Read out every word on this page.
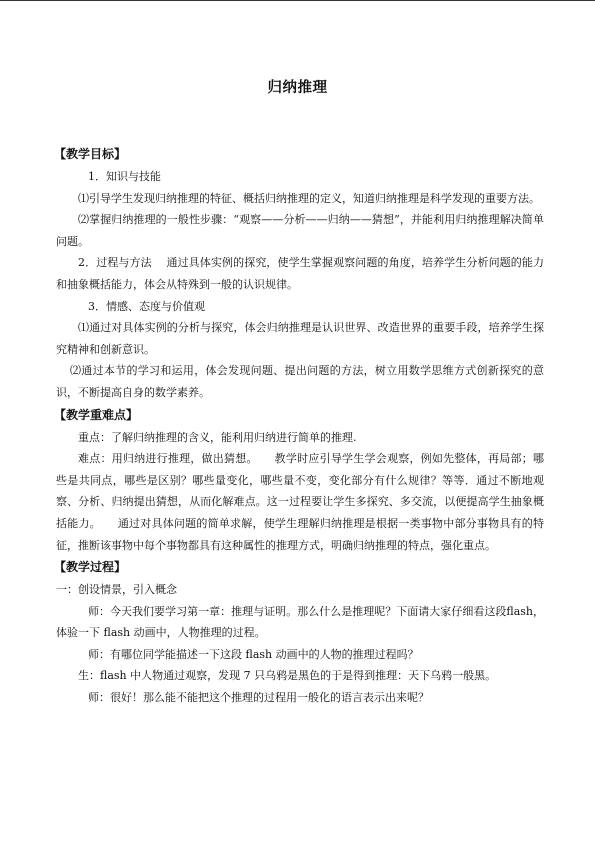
归纳推理

【教学目标】

1．知识与技能

⑴引导学生发现归纳推理的特征、概括归纳推理的定义，知道归纳推理是科学发现的重要方法。

⑵掌握归纳推理的一般性步骤：“观察——分析——归纳——猜想”，并能利用归纳推理解决简单问题。

2．过程与方法　 通过具体实例的探究，使学生掌握观察问题的角度，培养学生分析问题的能力和抽象概括能力，体会从特殊到一般的认识规律。

3．情感、态度与价值观

⑴通过对具体实例的分析与探究，体会归纳推理是认识世界、改造世界的重要手段，培养学生探究精神和创新意识。

⑵通过本节的学习和运用，体会发现问题、提出问题的方法，树立用数学思维方式创新探究的意识，不断提高自身的数学素养。

【教学重难点】

重点：了解归纳推理的含义，能利用归纳进行简单的推理.

难点：用归纳进行推理，做出猜想。　　教学时应引导学生学会观察，例如先整体，再局部；哪些是共同点，哪些是区别？哪些量变化，哪些量不变，变化部分有什么规律？等等．通过不断地观察、分析、归纳提出猜想，从而化解难点。这一过程要让学生多探究、多交流，以便提高学生抽象概括能力。　　通过对具体问题的简单求解，使学生理解归纳推理是根据一类事物中部分事物具有的特征，推断该事物中每个事物都具有这种属性的推理方式，明确归纳推理的特点，强化重点。

【教学过程】

一：创设情景，引入概念

师：今天我们要学习第一章：推理与证明。那么什么是推理呢？下面请大家仔细看这段flash，体验一下 flash 动画中，人物推理的过程。

师：有哪位同学能描述一下这段 flash 动画中的人物的推理过程吗？

生：flash 中人物通过观察，发现 7 只乌鸦是黑色的于是得到推理：天下乌鸦一般黑。

师：很好！那么能不能把这个推理的过程用一般化的语言表示出来呢？
